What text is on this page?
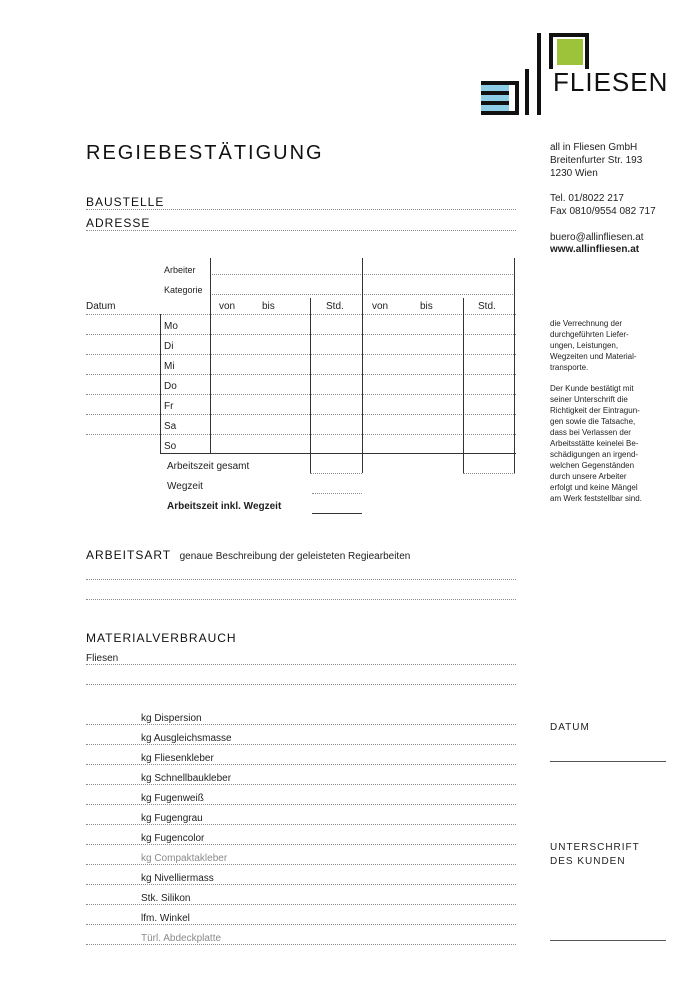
FLIESEN
REGIEBESTÄTIGUNG	all in Fliesen GmbH
Breitenfurter Str. 193
1230 Wien
Tel. 01/8022 217
Fax 0810/9554 082 717
buero@allinfliesen.at
www.allinfliesen.at
BAUSTELLE
ADRESSE
Arbeiter
Kategorie
Datum	von	bis	Std.	von	bis	Std.
Mo
Di
Mi
Do
Fr
Sa
So
Arbeitszeit gesamt
Wegzeit
Arbeitszeit inkl. Wegzeit
die Verrechnung der
durchgeführten Liefer-
ungen, Leistungen,
Wegzeiten und Material-
transporte.
Der Kunde bestätigt mit
seiner Unterschrift die
Richtigkeit der Eintragun-
gen sowie die Tatsache,
dass bei Verlassen der
Arbeitsstätte keinelei Be-
schädigungen an irgend-
welchen Gegenständen
durch unsere Arbeiter
erfolgt und keine Mängel
am Werk feststellbar sind.
ARBEITSART genaue Beschreibung der geleisteten Regiearbeiten
MATERIALVERBRAUCH
Fliesen
kg Dispersion
kg Ausgleichsmasse
kg Fliesenkleber
kg Schnellbaukleber
kg Fugenweiß
kg Fugengrau
kg Fugencolor
kg Compaktakleber
kg Nivelliermass
Stk. Silikon
lfm. Winkel
Türl. Abdeckplatte
DATUM
UNTERSCHRIFT
DES KUNDEN
